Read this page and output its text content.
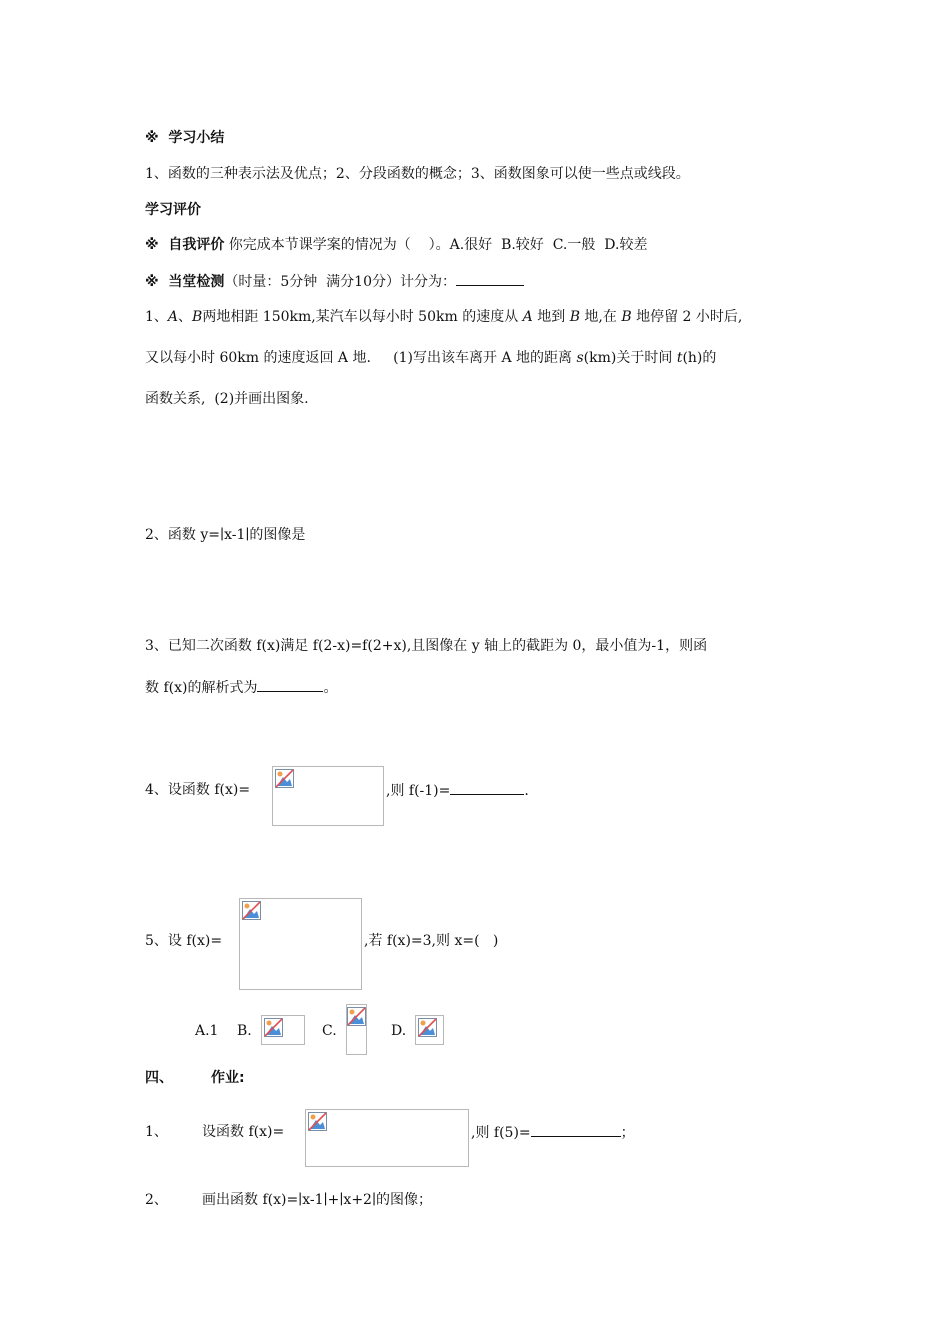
※  学习小结
1、函数的三种表示法及优点；2、分段函数的概念；3、函数图象可以使一些点或线段。
学习评价
※  自我评价 你完成本节课学案的情况为（    ）。A.很好  B.较好  C.一般  D.较差
※  当堂检测（时量：5分钟  满分10分）计分为：
1、A、B两地相距 150km,某汽车以每小时 50km 的速度从 A 地到 B 地,在 B 地停留 2 小时后,
又以每小时 60km 的速度返回 A 地.     (1)写出该车离开 A 地的距离 s(km)关于时间 t(h)的
函数关系,  (2)并画出图象.
2、函数 y=∣x-1∣的图像是
3、已知二次函数 f(x)满足 f(2-x)=f(2+x),且图像在 y 轴上的截距为 0，最小值为-1，则函
数 f(x)的解析式为	。
4、设函数 f(x)=	,则 f(-1)=	.
5、设 f(x)=	,若 f(x)=3,则 x=(   )
A.1 B.	C.	D.
四、	作业:
1、 设函数 f(x)=	,则 f(5)=	；
2、 画出函数 f(x)=∣x-1∣+∣x+2∣的图像；
